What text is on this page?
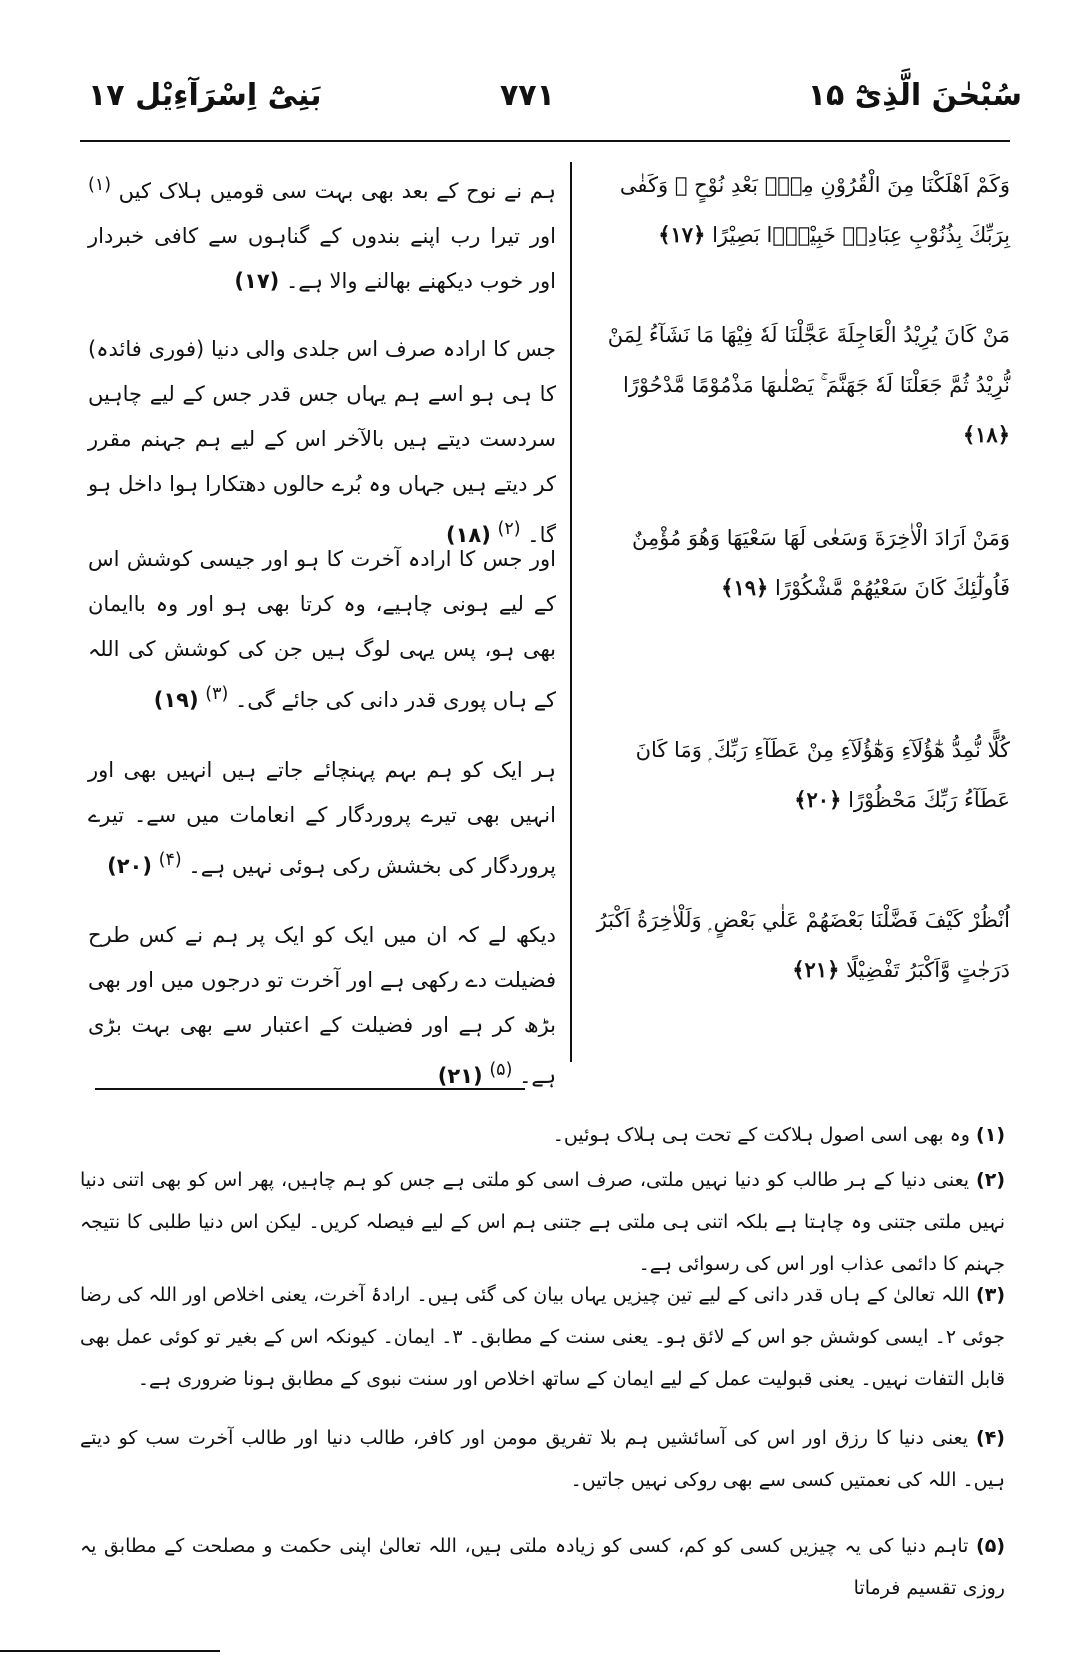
سُبْحٰنَ الَّذِیْٓ ۱۵
۷۷۱
بَنِیْٓ اِسْرَآءِیْل ۱۷
وَكَمْ اَهْلَكْنَا مِنَ الْقُرُوْنِ مِنْۢ بَعْدِ نُوْحٍ ۗ وَكَفٰى بِرَبِّكَ بِذُنُوْبِ عِبَادِهٖ خَبِيْرًۢا بَصِيْرًا ﴿۱۷﴾
ہم نے نوح کے بعد بھی بہت سی قومیں ہلاک کیں $^{(۱)}$ اور تیرا رب اپنے بندوں کے گناہوں سے کافی خبردار اور خوب دیکھنے بھالنے والا ہے۔ (۱۷)
مَنْ كَانَ يُرِيْدُ الْعَاجِلَةَ عَجَّلْنَا لَهٗ فِيْهَا مَا نَشَآءُ لِمَنْ نُّرِيْدُ ثُمَّ جَعَلْنَا لَهٗ جَهَنَّمَ ۚ يَصْلٰىهَا مَذْمُوْمًا مَّدْحُوْرًا ﴿۱۸﴾
جس کا ارادہ صرف اس جلدی والی دنیا (فوری فائدہ) کا ہی ہو اسے ہم یہاں جس قدر جس کے لیے چاہیں سردست دیتے ہیں بالآخر اس کے لیے ہم جہنم مقرر کر دیتے ہیں جہاں وہ بُرے حالوں دھتکارا ہوا داخل ہو گا۔ $^{(۲)}$ (۱۸)	وَمَنْ اَرَادَ الْاٰخِرَةَ وَسَعٰى لَهَا سَعْيَهَا وَهُوَ مُؤْمِنٌ فَاُولٰٓئِكَ كَانَ سَعْيُهُمْ مَّشْكُوْرًا ﴿۱۹﴾
اور جس کا ارادہ آخرت کا ہو اور جیسی کوشش اس کے لیے ہونی چاہیے، وہ کرتا بھی ہو اور وہ باایمان بھی ہو، پس یہی لوگ ہیں جن کی کوشش کی اللہ کے ہاں پوری قدر دانی کی جائے گی۔ $^{(۳)}$ (۱۹)
كُلًّا نُّمِدُّ هٰٓؤُلَآءِ وَهٰٓؤُلَآءِ مِنْ عَطَآءِ رَبِّكَ ۭ وَمَا كَانَ عَطَآءُ رَبِّكَ مَحْظُوْرًا ﴿۲۰﴾
ہر ایک کو ہم بہم پہنچائے جاتے ہیں انہیں بھی اور انہیں بھی تیرے پروردگار کے انعامات میں سے۔ تیرے پروردگار کی بخشش رکی ہوئی نہیں ہے۔ $^{(۴)}$ (۲۰)
اُنْظُرْ كَيْفَ فَضَّلْنَا بَعْضَهُمْ عَلٰي بَعْضٍ ۭ وَلَلْاٰخِرَةُ اَكْبَرُ دَرَجٰتٍ وَّاَكْبَرُ تَفْضِيْلًا ﴿۲۱﴾
دیکھ لے کہ ان میں ایک کو ایک پر ہم نے کس طرح فضیلت دے رکھی ہے اور آخرت تو درجوں میں اور بھی بڑھ کر ہے اور فضیلت کے اعتبار سے بھی بہت بڑی ہے۔ $^{(۵)}$ (۲۱)
(۱) وہ بھی اسی اصول ہلاکت کے تحت ہی ہلاک ہوئیں۔
(۲) یعنی دنیا کے ہر طالب کو دنیا نہیں ملتی، صرف اسی کو ملتی ہے جس کو ہم چاہیں، پھر اس کو بھی اتنی دنیا نہیں ملتی جتنی وہ چاہتا ہے بلکہ اتنی ہی ملتی ہے جتنی ہم اس کے لیے فیصلہ کریں۔ لیکن اس دنیا طلبی کا نتیجہ جہنم کا دائمی عذاب اور اس کی رسوائی ہے۔
(۳) اللہ تعالیٰ کے ہاں قدر دانی کے لیے تین چیزیں یہاں بیان کی گئی ہیں۔ ارادۂ آخرت، یعنی اخلاص اور اللہ کی رضا جوئی ۲۔ ایسی کوشش جو اس کے لائق ہو۔ یعنی سنت کے مطابق۔ ۳۔ ایمان۔ کیونکہ اس کے بغیر تو کوئی عمل بھی قابل التفات نہیں۔ یعنی قبولیت عمل کے لیے ایمان کے ساتھ اخلاص اور سنت نبوی کے مطابق ہونا ضروری ہے۔
(۴) یعنی دنیا کا رزق اور اس کی آسائشیں ہم بلا تفریق مومن اور کافر، طالب دنیا اور طالب آخرت سب کو دیتے ہیں۔ اللہ کی نعمتیں کسی سے بھی روکی نہیں جاتیں۔
(۵) تاہم دنیا کی یہ چیزیں کسی کو کم، کسی کو زیادہ ملتی ہیں، اللہ تعالیٰ اپنی حکمت و مصلحت کے مطابق یہ روزی تقسیم فرماتا
